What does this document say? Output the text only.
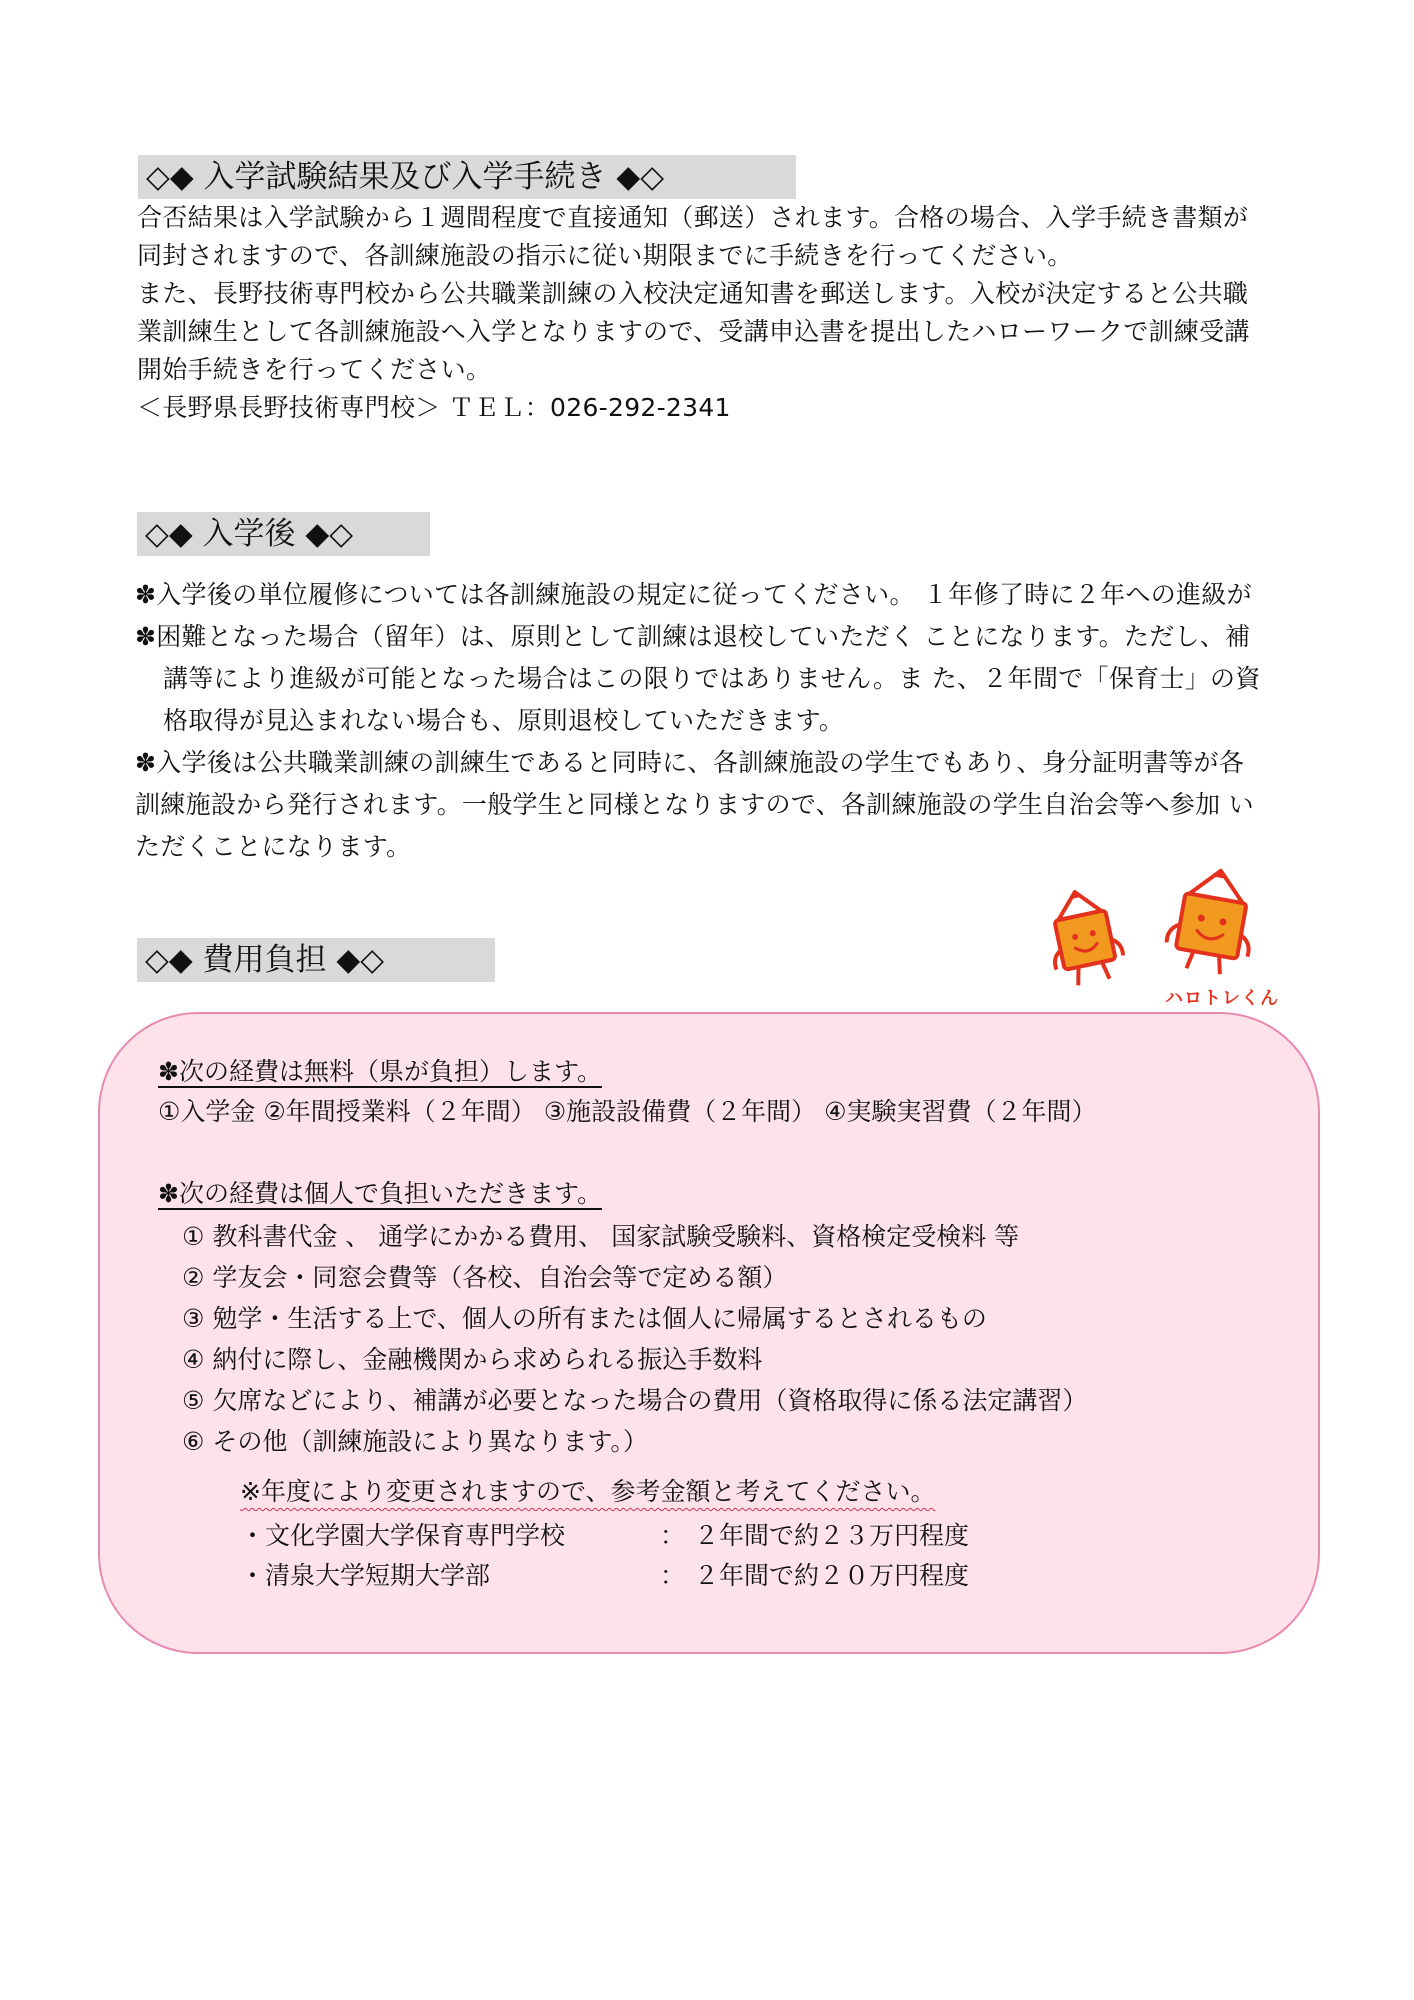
◇◆ 入学試験結果及び入学手続き ◆◇
合否結果は入学試験から１週間程度で直接通知（郵送）されます。合格の場合、入学手続き書類が
同封されますので、各訓練施設の指示に従い期限までに手続きを行ってください。
また、長野技術専門校から公共職業訓練の入校決定通知書を郵送します。入校が決定すると公共職
業訓練生として各訓練施設へ入学となりますので、受講申込書を提出したハローワークで訓練受講
開始手続きを行ってください。
＜長野県長野技術専門校＞ ＴＥＬ：026-292-2341
◇◆ 入学後 ◆◇
✽入学後の単位履修については各訓練施設の規定に従ってください。 １年修了時に２年への進級が
✽困難となった場合（留年）は、原則として訓練は退校していただく ことになります。ただし、補
講等により進級が可能となった場合はこの限りではありません。ま た、２年間で「保育士」の資
格取得が見込まれない場合も、原則退校していただきます。
✽入学後は公共職業訓練の訓練生であると同時に、各訓練施設の学生でもあり、身分証明書等が各
訓練施設から発行されます。一般学生と同様となりますので、各訓練施設の学生自治会等へ参加 い
ただくことになります。
◇◆ 費用負担 ◆◇
ハロトレくん
✽次の経費は無料（県が負担）します。
①入学金 ②年間授業料（２年間） ③施設設備費（２年間） ④実験実習費（２年間）
✽次の経費は個人で負担いただきます。
① 教科書代金 、 通学にかかる費用、 国家試験受験料、資格検定受検料 等
② 学友会・同窓会費等（各校、自治会等で定める額）
③ 勉学・生活する上で、個人の所有または個人に帰属するとされるもの
④ 納付に際し、金融機関から求められる振込手数料
⑤ 欠席などにより、補講が必要となった場合の費用（資格取得に係る法定講習）
⑥ その他（訓練施設により異なります。）
※年度により変更されますので、参考金額と考えてください。
・文化学園大学保育専門学校	： ２年間で約２３万円程度
・清泉大学短期大学部	： ２年間で約２０万円程度
